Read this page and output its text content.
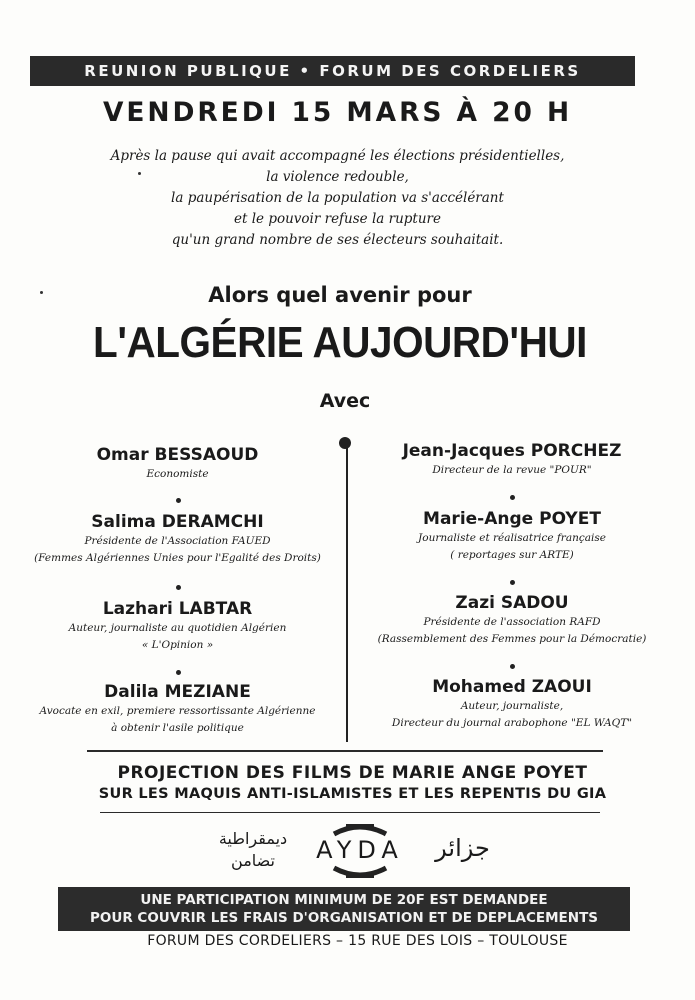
REUNION PUBLIQUE • FORUM DES CORDELIERS
VENDREDI 15 MARS À 20 H
Après la pause qui avait accompagné les élections présidentielles,
la violence redouble,
la paupérisation de la population va s'accélérant
et le pouvoir refuse la rupture
qu'un grand nombre de ses électeurs souhaitait.
Alors quel avenir pour
L'ALGÉRIE AUJOURD'HUI
Avec
Omar BESSAOUD
Economiste
Salima DERAMCHI
Présidente de l'Association FAUED
(Femmes Algériennes Unies pour l'Egalité des Droits)
Lazhari LABTAR
Auteur, journaliste au quotidien Algérien
« L'Opinion »
Dalila MEZIANE
Avocate en exil, premiere ressortissante Algérienne
à obtenir l'asile politique
Jean-Jacques PORCHEZ
Directeur de la revue "POUR"
Marie-Ange POYET
Journaliste et réalisatrice française
( reportages sur ARTE)
Zazi SADOU
Présidente de l'association RAFD
(Rassemblement des Femmes pour la Démocratie)
Mohamed ZAOUI
Auteur, journaliste,
Directeur du journal arabophone "EL WAQT"
PROJECTION DES FILMS DE MARIE ANGE POYET
SUR LES MAQUIS ANTI-ISLAMISTES ET LES REPENTIS DU GIA
ديمقراطية
تضامن	AYDA	جزائر
UNE PARTICIPATION MINIMUM DE 20F EST DEMANDEE
POUR COUVRIR LES FRAIS D'ORGANISATION ET DE DEPLACEMENTS
FORUM DES CORDELIERS – 15 RUE DES LOIS – TOULOUSE
